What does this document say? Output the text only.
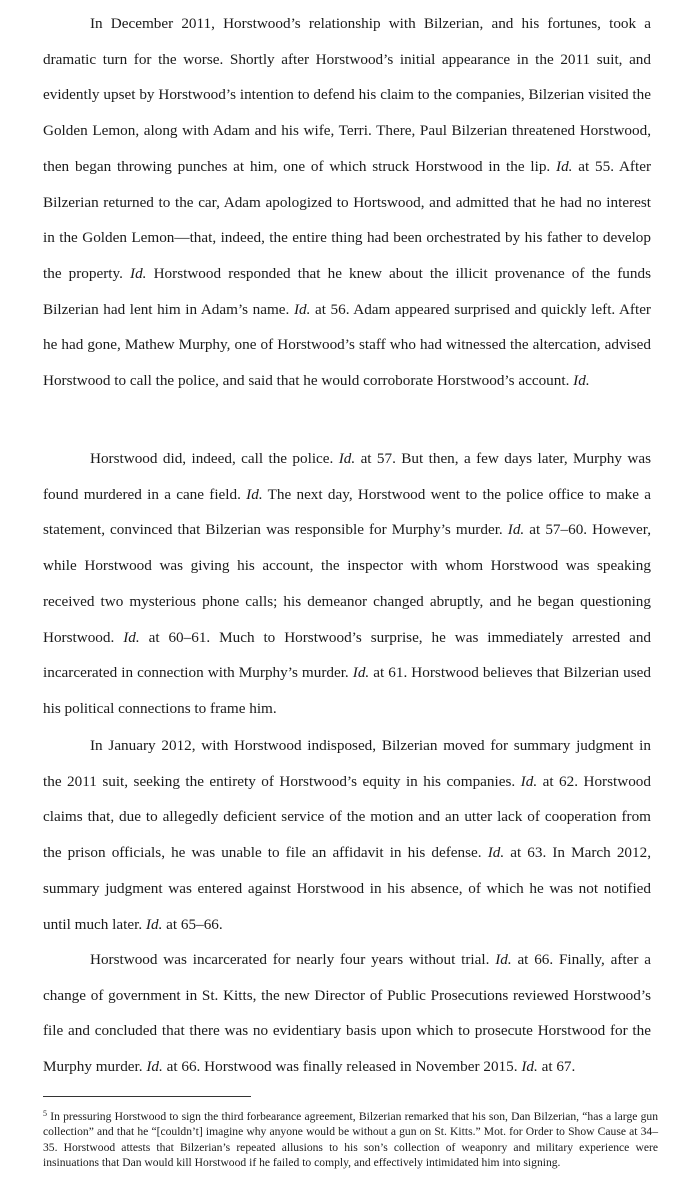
In December 2011, Horstwood’s relationship with Bilzerian, and his fortunes, took a dramatic turn for the worse. Shortly after Horstwood’s initial appearance in the 2011 suit, and evidently upset by Horstwood’s intention to defend his claim to the companies, Bilzerian visited the Golden Lemon, along with Adam and his wife, Terri. There, Paul Bilzerian threatened Horstwood, then began throwing punches at him, one of which struck Horstwood in the lip. Id. at 55. After Bilzerian returned to the car, Adam apologized to Hortswood, and admitted that he had no interest in the Golden Lemon—that, indeed, the entire thing had been orchestrated by his father to develop the property. Id. Horstwood responded that he knew about the illicit provenance of the funds Bilzerian had lent him in Adam’s name. Id. at 56. Adam appeared surprised and quickly left. After he had gone, Mathew Murphy, one of Horstwood’s staff who had witnessed the altercation, advised Horstwood to call the police, and said that he would corroborate Horstwood’s account. Id.

Horstwood did, indeed, call the police. Id. at 57. But then, a few days later, Murphy was found murdered in a cane field. Id. The next day, Horstwood went to the police office to make a statement, convinced that Bilzerian was responsible for Murphy’s murder. Id. at 57–60. However, while Horstwood was giving his account, the inspector with whom Horstwood was speaking received two mysterious phone calls; his demeanor changed abruptly, and he began questioning Horstwood. Id. at 60–61. Much to Horstwood’s surprise, he was immediately arrested and incarcerated in connection with Murphy’s murder. Id. at 61. Horstwood believes that Bilzerian used his political connections to frame him.

In January 2012, with Horstwood indisposed, Bilzerian moved for summary judgment in the 2011 suit, seeking the entirety of Horstwood’s equity in his companies. Id. at 62. Horstwood claims that, due to allegedly deficient service of the motion and an utter lack of cooperation from the prison officials, he was unable to file an affidavit in his defense. Id. at 63. In March 2012, summary judgment was entered against Horstwood in his absence, of which he was not notified until much later. Id. at 65–66.

Horstwood was incarcerated for nearly four years without trial. Id. at 66. Finally, after a change of government in St. Kitts, the new Director of Public Prosecutions reviewed Horstwood’s file and concluded that there was no evidentiary basis upon which to prosecute Horstwood for the Murphy murder. Id. at 66. Horstwood was finally released in November 2015. Id. at 67.

$^5$ In pressuring Horstwood to sign the third forbearance agreement, Bilzerian remarked that his son, Dan Bilzerian, “has a large gun collection” and that he “[couldn’t] imagine why anyone would be without a gun on St. Kitts.” Mot. for Order to Show Cause at 34–35. Horstwood attests that Bilzerian’s repeated allusions to his son’s collection of weaponry and military experience were insinuations that Dan would kill Horstwood if he failed to comply, and effectively intimidated him into signing.
